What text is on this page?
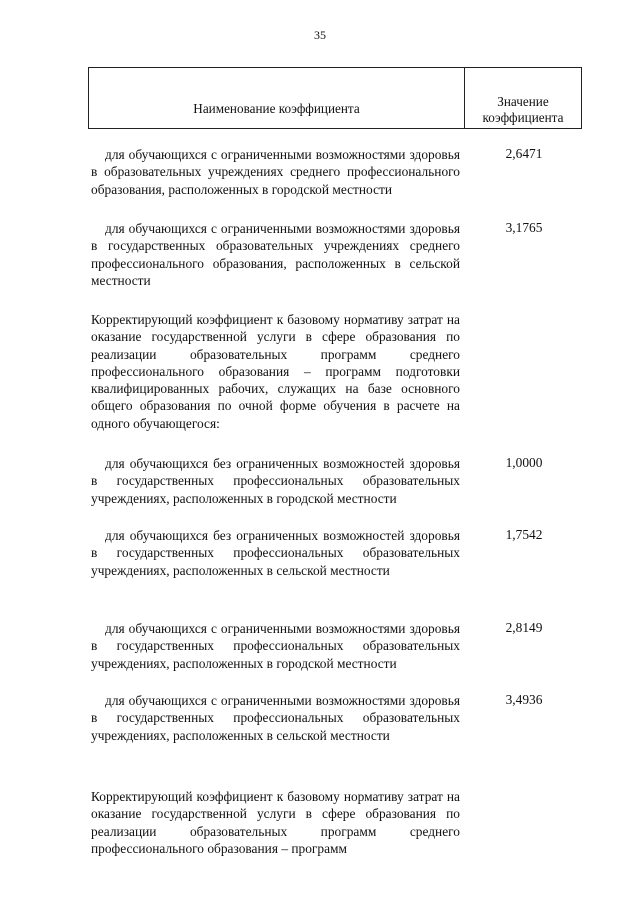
35
Наименование коэффициента	Значение коэффициента
для обучающихся с ограниченными возможностями здоровья в образовательных учреждениях среднего профессионального образования, расположенных в городской местности
2,6471
для обучающихся с ограниченными возможностями здоровья в государственных образовательных учреждениях среднего профессионального образования, расположенных в сельской местности
3,1765
Корректирующий коэффициент к базовому нормативу затрат на оказание государственной услуги в сфере образования по реализации образовательных программ среднего профессионального образования – программ подготовки квалифицированных рабочих, служащих на базе основного общего образования по очной форме обучения в расчете на одного обучающегося:
для обучающихся без ограниченных возможностей здоровья в государственных профессиональных образовательных учреждениях, расположенных в городской местности
1,0000
для обучающихся без ограниченных возможностей здоровья в государственных профессиональных образовательных учреждениях, расположенных в сельской местности
1,7542
для обучающихся с ограниченными возможностями здоровья в государственных профессиональных образовательных учреждениях, расположенных в городской местности
2,8149
для обучающихся с ограниченными возможностями здоровья в государственных профессиональных образовательных учреждениях, расположенных в сельской местности
3,4936
Корректирующий коэффициент к базовому нормативу затрат на оказание государственной услуги в сфере образования по реализации образовательных программ среднего профессионального образования – программ
